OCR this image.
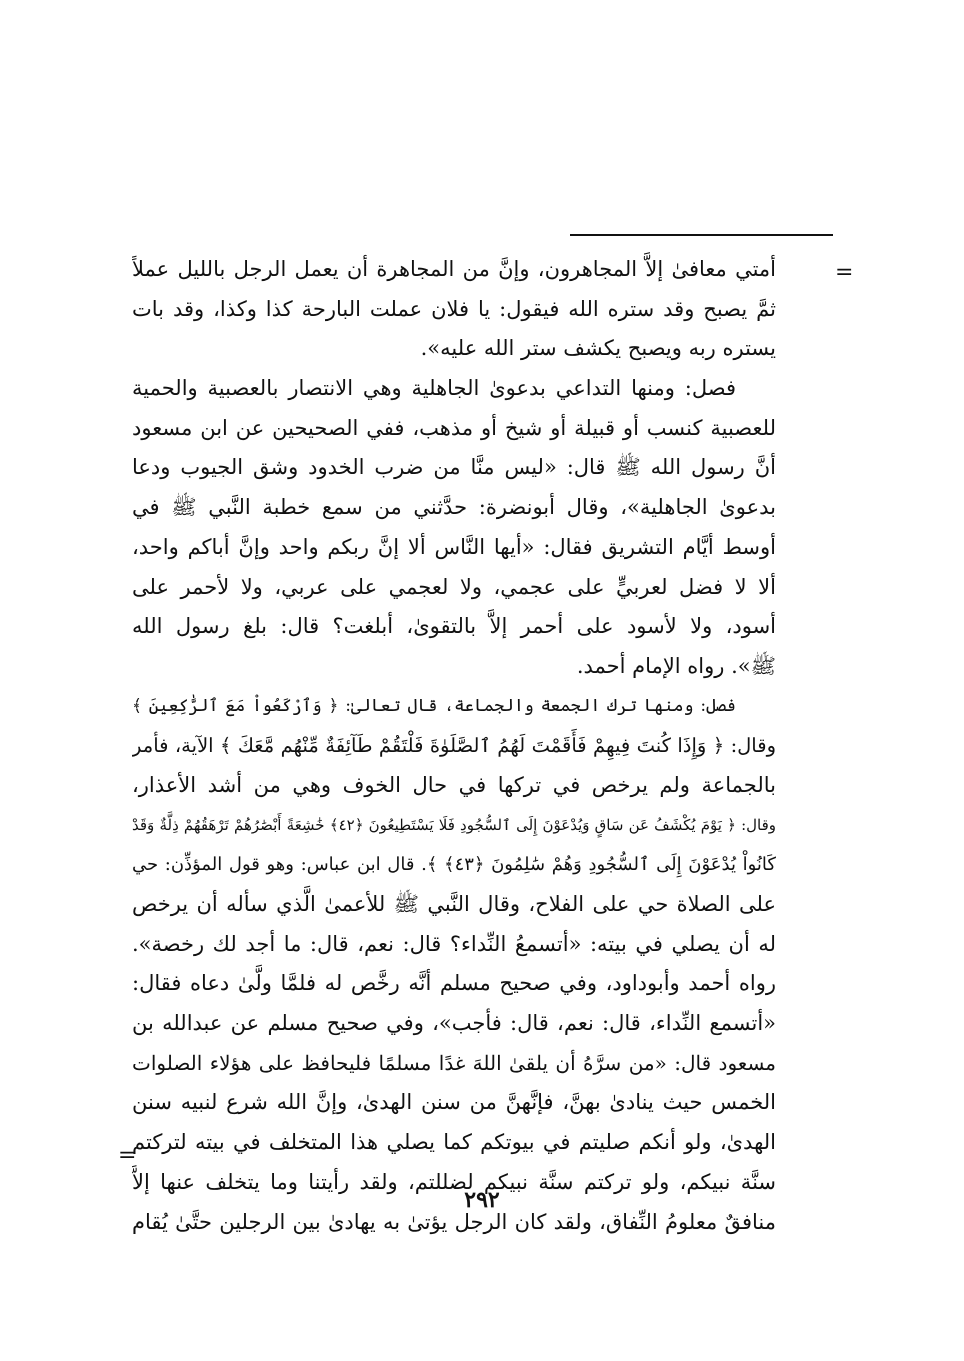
=
أمتي معافىٰ إلاَّ المجاهرون، وإنَّ من المجاهرة أن يعمل الرجل بالليل عملاً
ثمَّ يصبح وقد ستره الله فيقول: يا فلان عملت البارحة كذا وكذا، وقد بات
يستره ربه ويصبح يكشف ستر الله عليه».
فصل: ومنها التداعي بدعوىٰ الجاهلية وهي الانتصار بالعصبية والحمية
للعصبية كنسب أو قبيلة أو شيخ أو مذهب، ففي الصحيحين عن ابن مسعود
أنَّ رسول الله ﷺ قال: «ليس منَّا من ضرب الخدود وشق الجيوب ودعا
بدعوىٰ الجاهلية»، وقال أبونضرة: حدَّثني من سمع خطبة النَّبي ﷺ في
أوسط أيَّام التشريق فقال: «أيها النَّاس ألا إنَّ ربكم واحد وإنَّ أباكم واحد،
ألا لا فضل لعربيٍّ على عجمي، ولا لعجمي على عربي، ولا لأحمر على
أسود، ولا لأسود على أحمر إلاَّ بالتقوىٰ، أبلغت؟ قال: بلغ رسول الله
ﷺ». رواه الإمام أحمد.
فصل: ومنها ترك الجمعة والجماعة، قال تعالىٰ: ﴿ وَٱرْكَعُواْ مَعَ ٱلرَّٰكِعِينَ ﴾
وقال: ﴿ وَإِذَا كُنتَ فِيهِمْ فَأَقَمْتَ لَهُمُ ٱلصَّلَوٰةَ فَلْتَقُمْ طَآئِفَةٌ مِّنْهُم مَّعَكَ ﴾ الآية، فأمر
بالجماعة ولم يرخص في تركها في حال الخوف وهي من أشد الأعذار،
وقال: ﴿ يَوْمَ يُكْشَفُ عَن سَاقٍ وَيُدْعَوْنَ إِلَى ٱلسُّجُودِ فَلَا يَسْتَطِيعُونَ ﴿٤٢﴾ خَٰشِعَةً أَبْصَٰرُهُمْ تَرْهَقُهُمْ ذِلَّةٌ وَقَدْ
كَانُواْ يُدْعَوْنَ إِلَى ٱلسُّجُودِ وَهُمْ سَٰلِمُونَ ﴿٤٣﴾ ﴾. قال ابن عباس: وهو قول المؤذِّن: حي
على الصلاة حي على الفلاح، وقال النَّبي ﷺ للأعمىٰ الَّذي سأله أن يرخص
له أن يصلي في بيته: «أتسمعُ النِّداء؟ قال: نعم، قال: ما أجد لك رخصة».
رواه أحمد وأبوداود، وفي صحيح مسلم أنَّه رخَّص له فلمَّا ولَّىٰ دعاه فقال:
«أتسمع النِّداء، قال: نعم، قال: فأجب»، وفي صحيح مسلم عن عبدالله بن
مسعود قال: «من سرَّهُ أن يلقىٰ اللهَ غدًا مسلمًا فليحافظ على هؤلاء الصلوات
الخمس حيث ينادىٰ بهنَّ، فإنَّهنَّ من سنن الهدىٰ، وإنَّ الله شرع لنبيه سنن
الهدىٰ، ولو أنكم صليتم في بيوتكم كما يصلي هذا المتخلف في بيته لتركتم
سنَّة نبيكم، ولو تركتم سنَّة نبيكم لضللتم، ولقد رأيتنا وما يتخلف عنها إلاَّ
منافقٌ معلومُ النِّفاق، ولقد كان الرجل يؤتىٰ به يهادىٰ بين الرجلين حتَّىٰ يُقام
=
٢٩٢
